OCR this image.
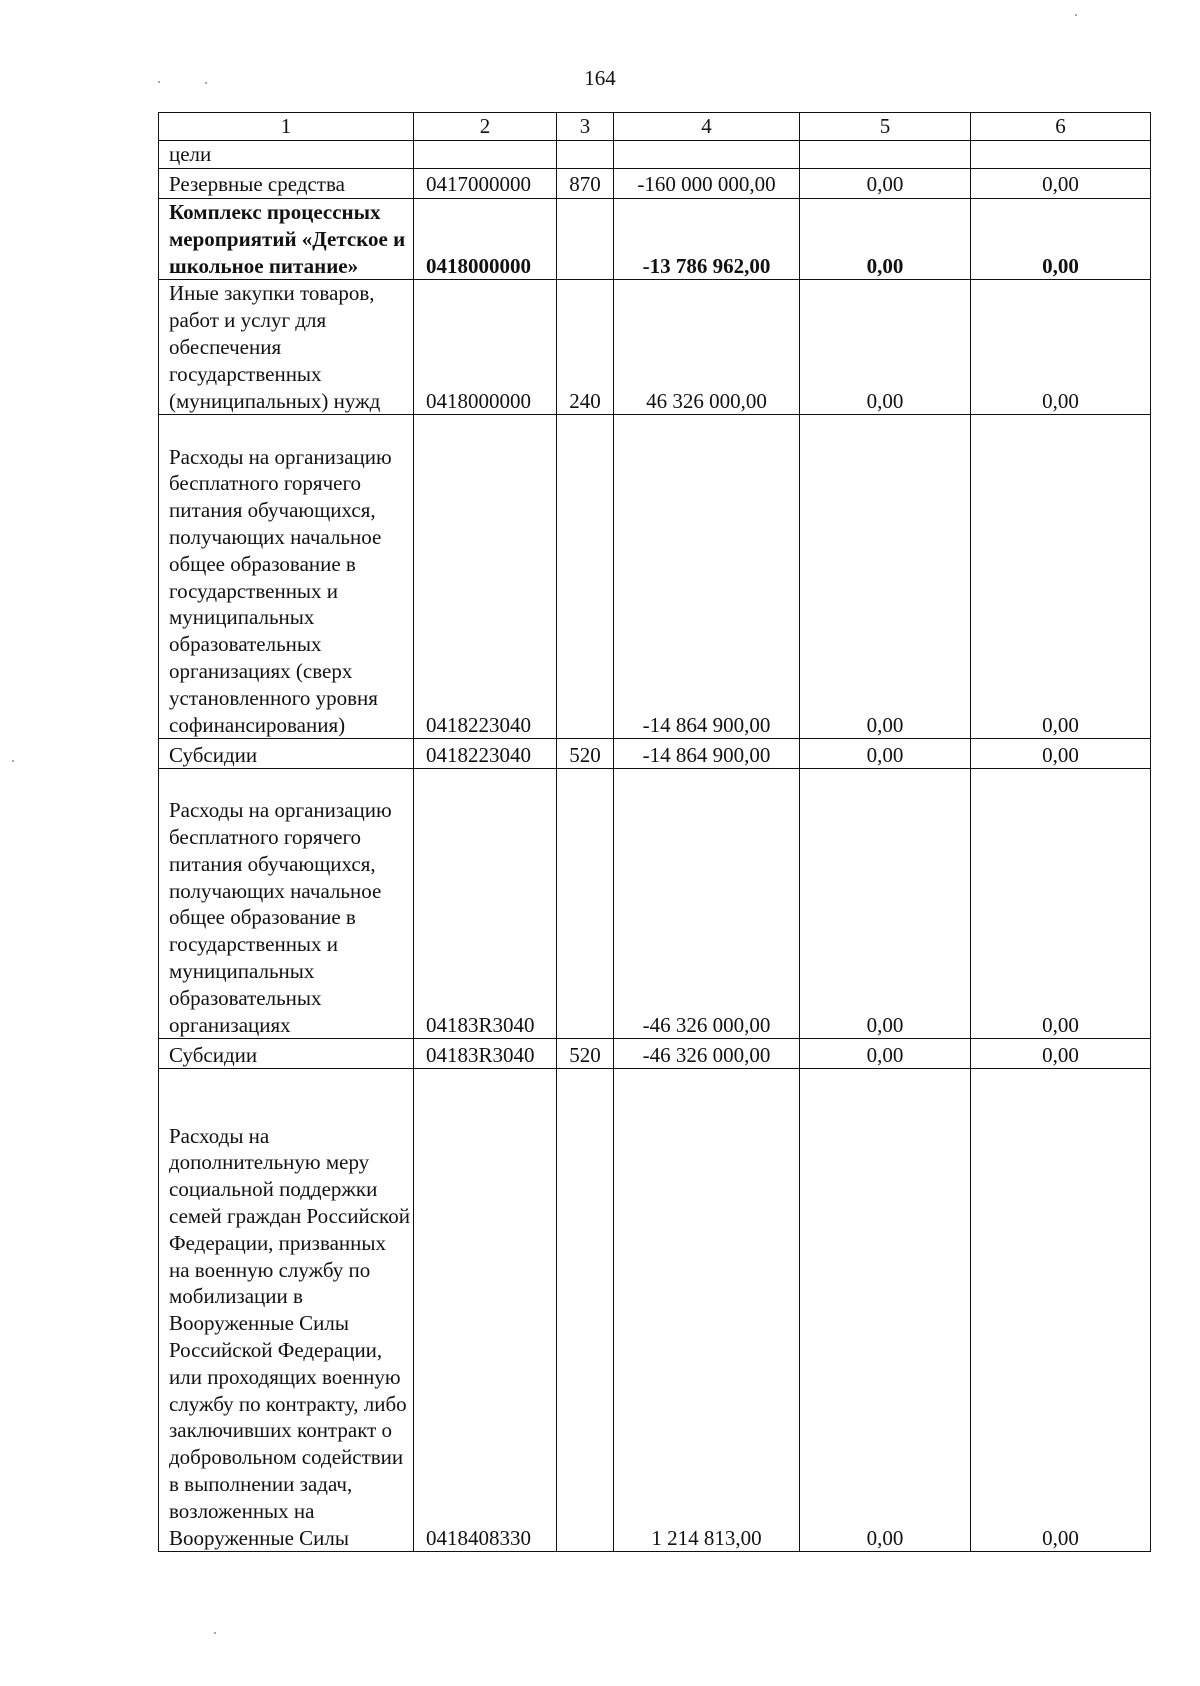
164
1	2	3	4	5	6
цели					
Резервные средства	0417000000	870	-160 000 000,00	0,00	0,00
Комплекс процессных мероприятий «Детское и школьное питание»	0418000000		-13 786 962,00	0,00	0,00
Иные закупки товаров, работ и услуг для обеспечения государственных (муниципальных) нужд	0418000000	240	46 326 000,00	0,00	0,00
Расходы на организацию бесплатного горячего питания обучающихся, получающих начальное общее образование в государственных и муниципальных образовательных организациях (сверх установленного уровня софинансирования)	0418223040		-14 864 900,00	0,00	0,00
Субсидии	0418223040	520	-14 864 900,00	0,00	0,00
Расходы на организацию бесплатного горячего питания обучающихся, получающих начальное общее образование в государственных и муниципальных образовательных организациях	04183R3040		-46 326 000,00	0,00	0,00
Субсидии	04183R3040	520	-46 326 000,00	0,00	0,00
Расходы на дополнительную меру социальной поддержки семей граждан Российской Федерации, призванных на военную службу по мобилизации в Вооруженные Силы Российской Федерации, или проходящих военную службу по контракту, либо заключивших контракт о добровольном содействии в выполнении задач, возложенных на Вооруженные Силы	0418408330		1 214 813,00	0,00	0,00
